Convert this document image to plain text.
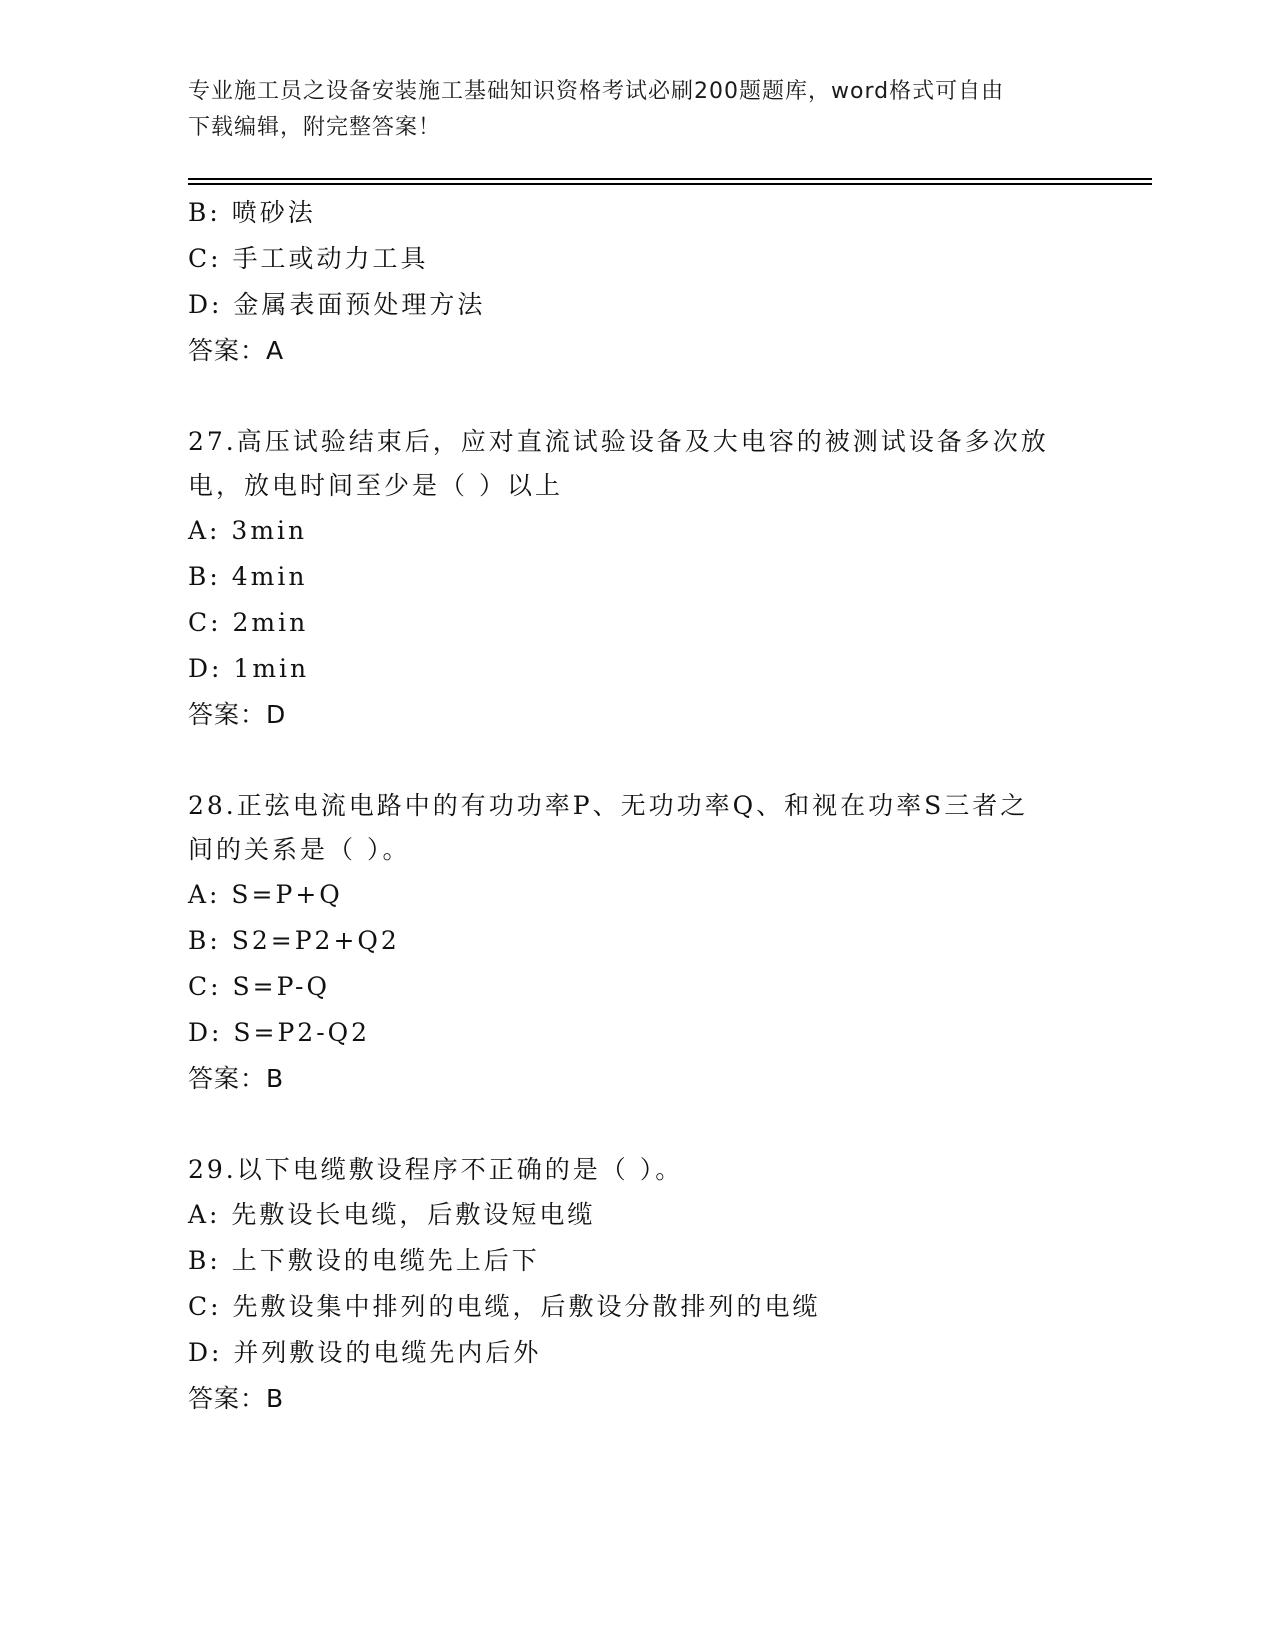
专业施工员之设备安装施工基础知识资格考试必刷200题题库，word格式可自由
下载编辑，附完整答案！
B: 喷砂法
C: 手工或动力工具
D: 金属表面预处理方法
答案：A
27.高压试验结束后，应对直流试验设备及大电容的被测试设备多次放
电，放电时间至少是（ ）以上
A: 3min
B: 4min
C: 2min
D: 1min
答案：D
28.正弦电流电路中的有功功率P、无功功率Q、和视在功率S三者之
间的关系是（ ）。
A: S=P+Q
B: S2=P2+Q2
C: S=P-Q
D: S=P2-Q2
答案：B
29.以下电缆敷设程序不正确的是（ ）。
A: 先敷设长电缆，后敷设短电缆
B: 上下敷设的电缆先上后下
C: 先敷设集中排列的电缆，后敷设分散排列的电缆
D: 并列敷设的电缆先内后外
答案：B
